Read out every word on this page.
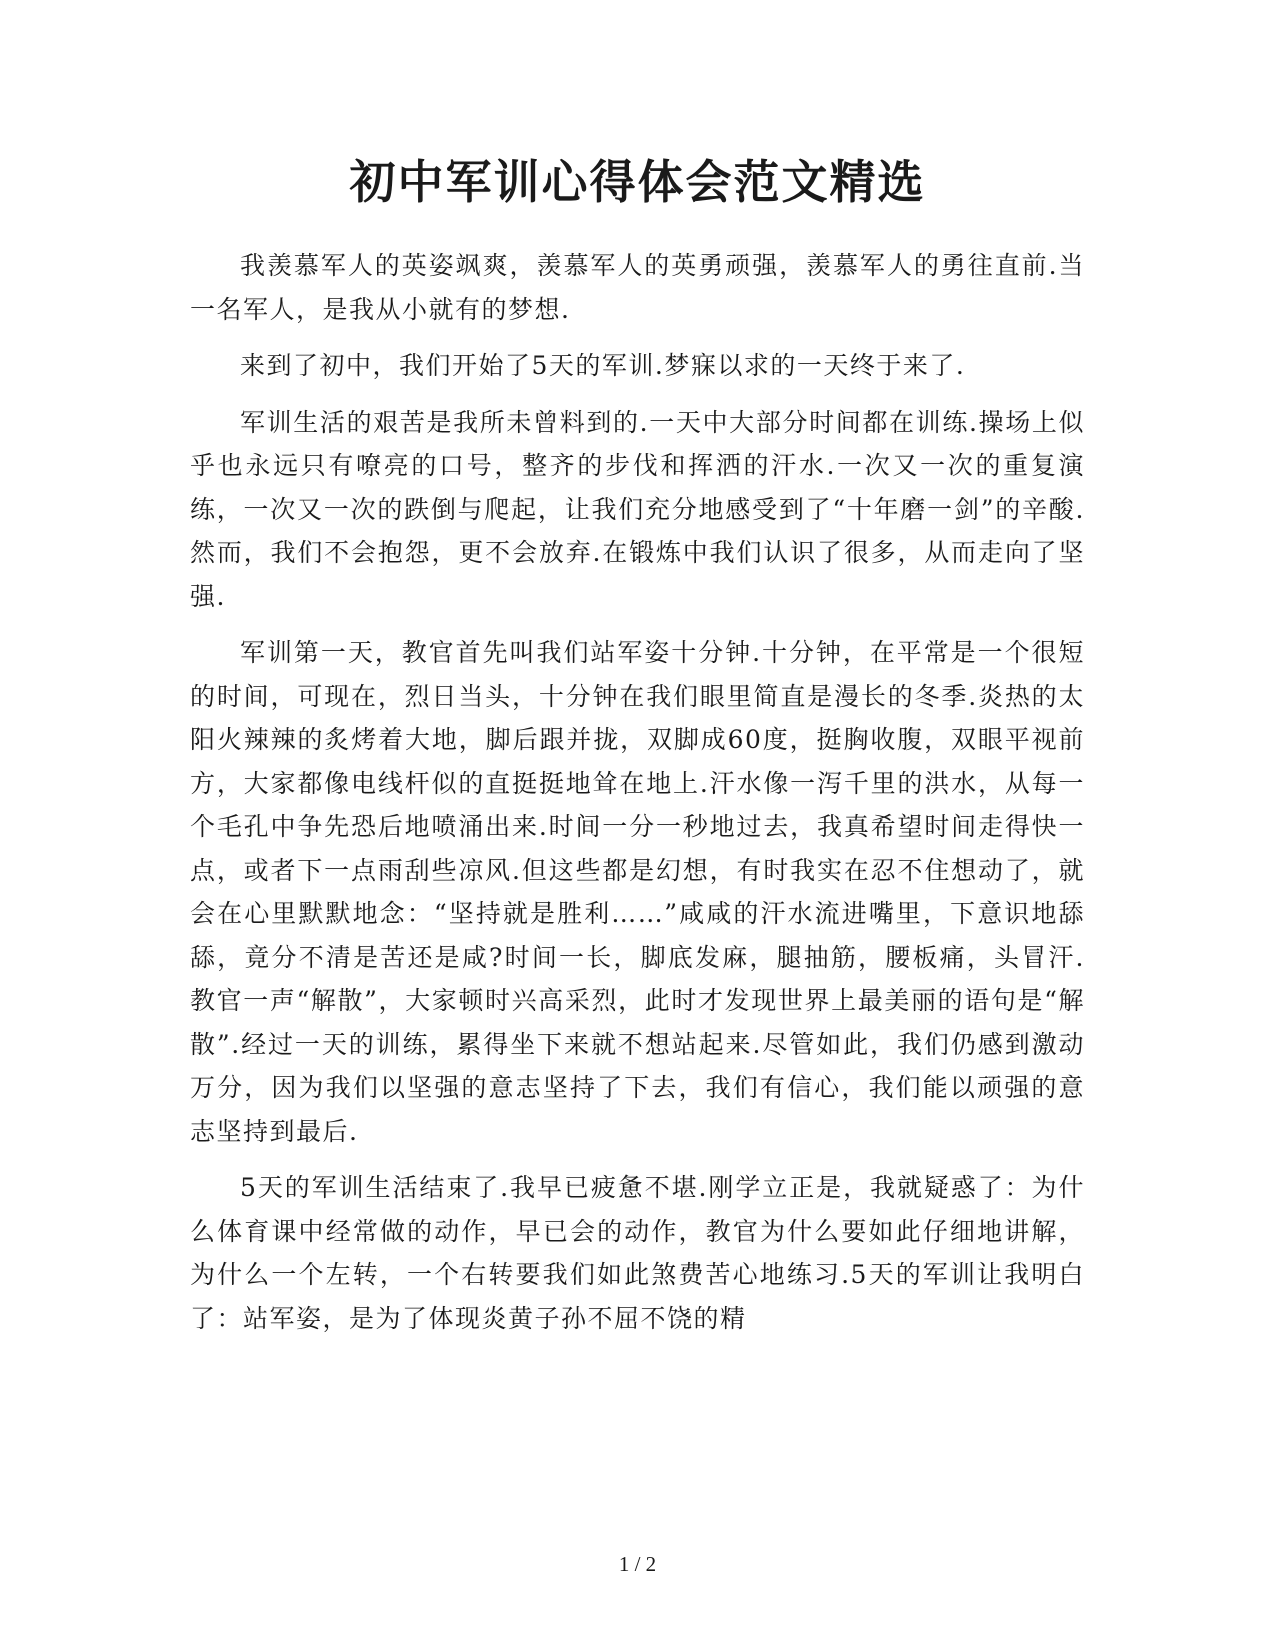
初中军训心得体会范文精选

我羡慕军人的英姿飒爽，羡慕军人的英勇顽强，羡慕军人的勇往直前.当一名军人，是我从小就有的梦想.

来到了初中，我们开始了5天的军训.梦寐以求的一天终于来了.

军训生活的艰苦是我所未曾料到的.一天中大部分时间都在训练.操场上似乎也永远只有嘹亮的口号，整齐的步伐和挥洒的汗水.一次又一次的重复演练，一次又一次的跌倒与爬起，让我们充分地感受到了“十年磨一剑”的辛酸.然而，我们不会抱怨，更不会放弃.在锻炼中我们认识了很多，从而走向了坚强.

军训第一天，教官首先叫我们站军姿十分钟.十分钟，在平常是一个很短的时间，可现在，烈日当头，十分钟在我们眼里简直是漫长的冬季.炎热的太阳火辣辣的炙烤着大地，脚后跟并拢，双脚成60度，挺胸收腹，双眼平视前方，大家都像电线杆似的直挺挺地耸在地上.汗水像一泻千里的洪水，从每一个毛孔中争先恐后地喷涌出来.时间一分一秒地过去，我真希望时间走得快一点，或者下一点雨刮些凉风.但这些都是幻想，有时我实在忍不住想动了，就会在心里默默地念：“坚持就是胜利……”咸咸的汗水流进嘴里，下意识地舔舔，竟分不清是苦还是咸?时间一长，脚底发麻，腿抽筋，腰板痛，头冒汗.教官一声“解散”，大家顿时兴高采烈，此时才发现世界上最美丽的语句是“解散”.经过一天的训练，累得坐下来就不想站起来.尽管如此，我们仍感到激动万分，因为我们以坚强的意志坚持了下去，我们有信心，我们能以顽强的意志坚持到最后.

5天的军训生活结束了.我早已疲惫不堪.刚学立正是，我就疑惑了：为什么体育课中经常做的动作，早已会的动作，教官为什么要如此仔细地讲解，为什么一个左转，一个右转要我们如此煞费苦心地练习.5天的军训让我明白了：站军姿，是为了体现炎黄子孙不屈不饶的精

1 / 2
